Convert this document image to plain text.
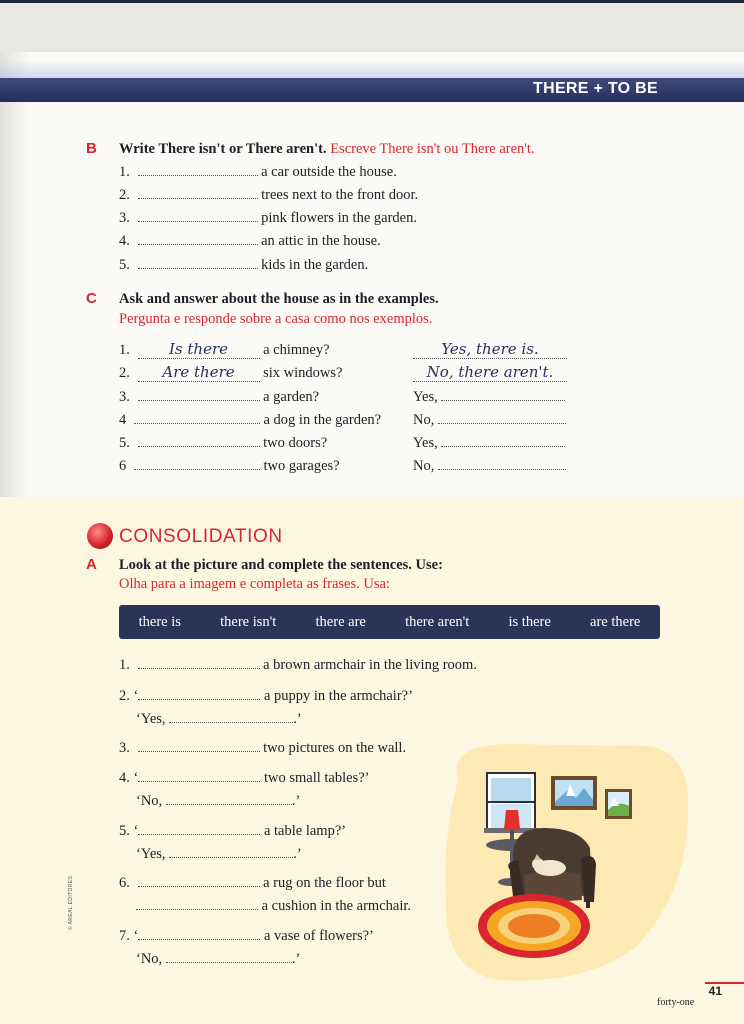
THERE + TO BE
B Write There isn't or There aren't. Escreve There isn't ou There aren't.
1.	a car outside the house.
2.	trees next to the front door.
3.	pink flowers in the garden.
4.	an attic in the house.
5.	kids in the garden.
C Ask and answer about the house as in the examples.
Pergunta e responde sobre a casa como nos exemplos.
1.	Is there a chimney?	Yes, there is.
2. Are there six windows?	No, there aren't.
3.	a garden?	Yes,
4	a dog in the garden? No,
5.	two doors?	Yes,
6	two garages?	No,
CONSOLIDATION
A Look at the picture and complete the sentences. Use:
Olha para a imagem e completa as frases. Usa:
there is	there isn't	there are	there aren't	is there	are there
1.	a brown armchair in the living room.
2. ‘	a puppy in the armchair?’
‘Yes,	.’
3.	two pictures on the wall.
4. ‘	two small tables?’
‘No,	.’
5. ‘	a table lamp?’
‘Yes,	.’
6.	a rug on the floor but
a cushion in the armchair.
7. ‘	a vase of flowers?’
‘No,	.’
41
forty-one
© AREAL EDITORES
